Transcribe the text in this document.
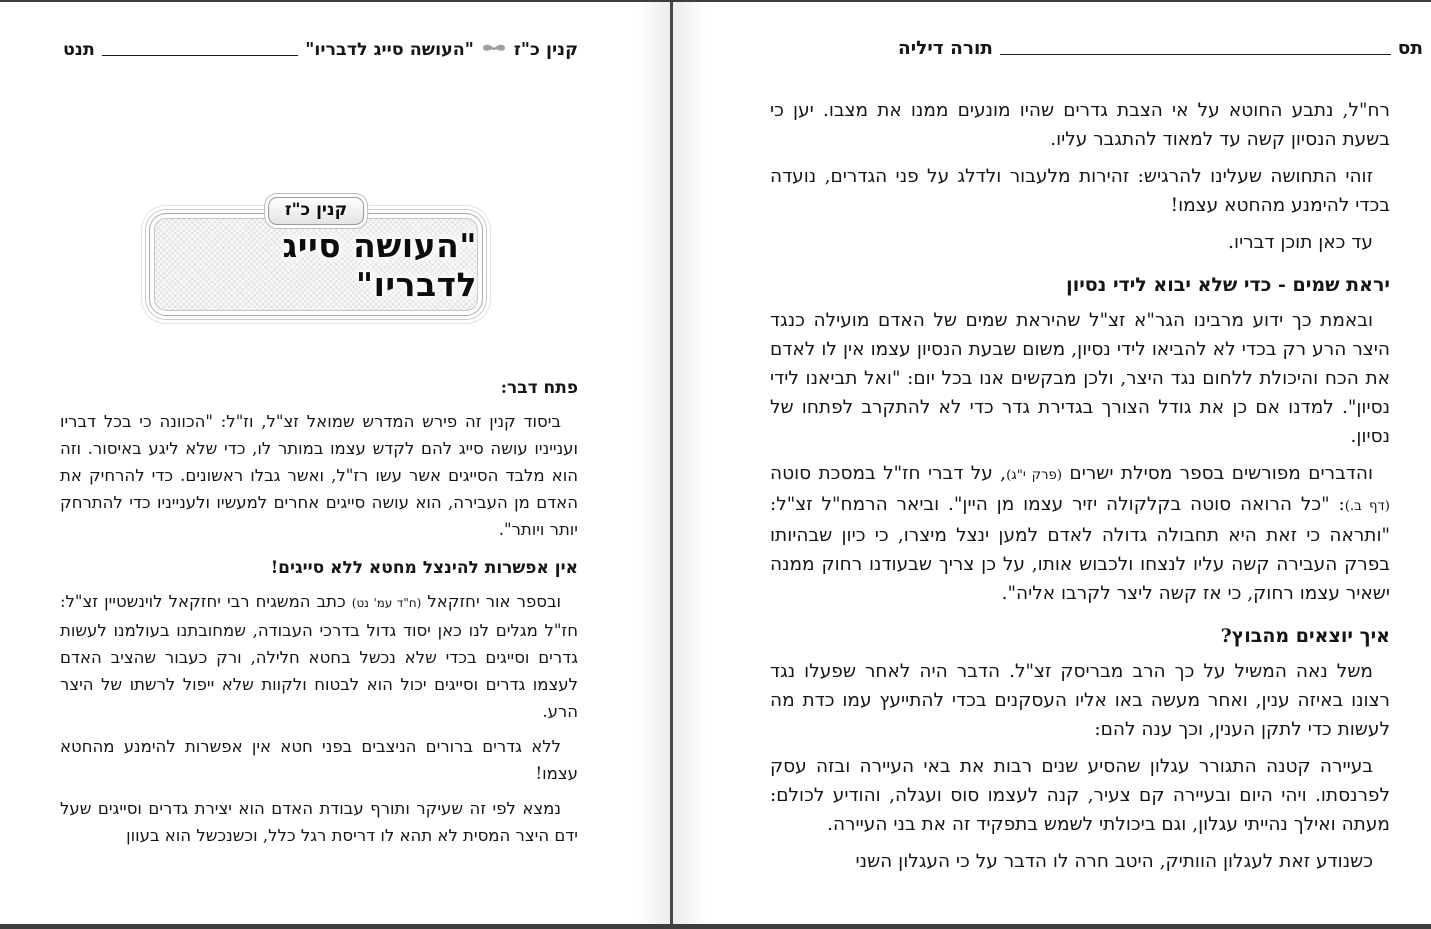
קנין כ"ז
"העושה סייג לדבריו"
תנט
קנין כ"ז
"העושה סייג לדבריו"
פתח דבר:

ביסוד קנין זה פירש המדרש שמואל זצ"ל, וז"ל: "הכוונה כי בכל דבריו וענייניו עושה סייג להם לקדש עצמו במותר לו, כדי שלא ליגע באיסור. וזה הוא מלבד הסייגים אשר עשו רז"ל, ואשר גבלו ראשונים. כדי להרחיק את האדם מן העבירה, הוא עושה סייגים אחרים למעשיו ולענייניו כדי להתרחק יותר ויותר".

אין אפשרות להינצל מחטא ללא סייגים!

ובספר אור יחזקאל (ח"ד עמ' נט) כתב המשגיח רבי יחזקאל לוינשטיין זצ"ל: חז"ל מגלים לנו כאן יסוד גדול בדרכי העבודה, שמחובתנו בעולמנו לעשות גדרים וסייגים בכדי שלא נכשל בחטא חלילה, ורק כעבור שהציב האדם לעצמו גדרים וסייגים יכול הוא לבטוח ולקוות שלא ייפול לרשתו של היצר הרע.

ללא גדרים ברורים הניצבים בפני חטא אין אפשרות להימנע מהחטא עצמו!

נמצא לפי זה שעיקר ותורף עבודת האדם הוא יצירת גדרים וסייגים שעל ידם היצר המסית לא תהא לו דריסת רגל כלל, וכשנכשל הוא בעוון

תס
תורה דיליה

רח"ל, נתבע החוטא על אי הצבת גדרים שהיו מונעים ממנו את מצבו. יען כי בשעת הנסיון קשה עד למאוד להתגבר עליו.

זוהי התחושה שעלינו להרגיש: זהירות מלעבור ולדלג על פני הגדרים, נועדה בכדי להימנע מהחטא עצמו!

עד כאן תוכן דבריו.

יראת שמים - כדי שלא יבוא לידי נסיון

ובאמת כך ידוע מרבינו הגר"א זצ"ל שהיראת שמים של האדם מועילה כנגד היצר הרע רק בכדי לא להביאו לידי נסיון, משום שבעת הנסיון עצמו אין לו לאדם את הכח והיכולת ללחום נגד היצר, ולכן מבקשים אנו בכל יום: "ואל תביאנו לידי נסיון". למדנו אם כן את גודל הצורך בגדירת גדר כדי לא להתקרב לפתחו של נסיון.

והדברים מפורשים בספר מסילת ישרים (פרק י"ג), על דברי חז"ל במסכת סוטה (דף ב.): "כל הרואה סוטה בקלקולה יזיר עצמו מן היין". וביאר הרמח"ל זצ"ל: "ותראה כי זאת היא תחבולה גדולה לאדם למען ינצל מיצרו, כי כיון שבהיותו בפרק העבירה קשה עליו לנצחו ולכבוש אותו, על כן צריך שבעודנו רחוק ממנה ישאיר עצמו רחוק, כי אז קשה ליצר לקרבו אליה".

איך יוצאים מהבוץ?

משל נאה המשיל על כך הרב מבריסק זצ"ל. הדבר היה לאחר שפעלו נגד רצונו באיזה ענין, ואחר מעשה באו אליו העסקנים בכדי להתייעץ עמו כדת מה לעשות כדי לתקן הענין, וכך ענה להם:

בעיירה קטנה התגורר עגלון שהסיע שנים רבות את באי העיירה ובזה עסק לפרנסתו. ויהי היום ובעיירה קם צעיר, קנה לעצמו סוס ועגלה, והודיע לכולם: מעתה ואילך נהייתי עגלון, וגם ביכולתי לשמש בתפקיד זה את בני העיירה.

כשנודע זאת לעגלון הוותיק, היטב חרה לו הדבר על כי העגלון השני
